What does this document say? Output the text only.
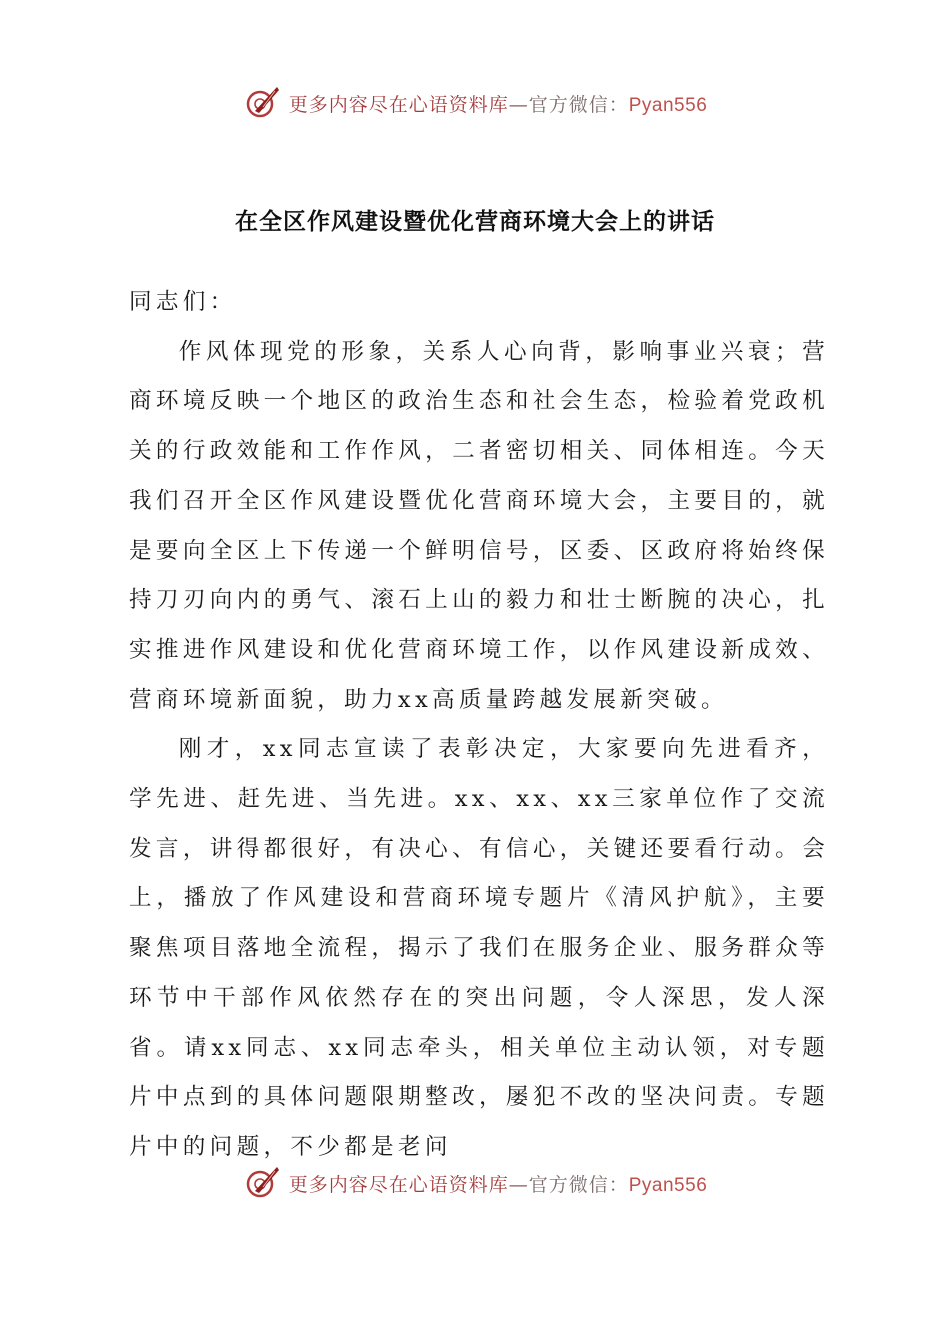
更多内容尽在心语资料库—官方微信：Pyan556
在全区作风建设暨优化营商环境大会上的讲话

同志们：

作风体现党的形象，关系人心向背，影响事业兴衰；营商环境反映一个地区的政治生态和社会生态，检验着党政机关的行政效能和工作作风，二者密切相关、同体相连。今天我们召开全区作风建设暨优化营商环境大会，主要目的，就是要向全区上下传递一个鲜明信号，区委、区政府将始终保持刀刃向内的勇气、滚石上山的毅力和壮士断腕的决心，扎实推进作风建设和优化营商环境工作，以作风建设新成效、营商环境新面貌，助力xx高质量跨越发展新突破。

刚才，xx同志宣读了表彰决定，大家要向先进看齐，学先进、赶先进、当先进。xx、xx、xx三家单位作了交流发言，讲得都很好，有决心、有信心，关键还要看行动。会上，播放了作风建设和营商环境专题片《清风护航》，主要聚焦项目落地全流程，揭示了我们在服务企业、服务群众等环节中干部作风依然存在的突出问题，令人深思，发人深省。请xx同志、xx同志牵头，相关单位主动认领，对专题片中点到的具体问题限期整改，屡犯不改的坚决问责。专题片中的问题，不少都是老问

更多内容尽在心语资料库—官方微信：Pyan556
